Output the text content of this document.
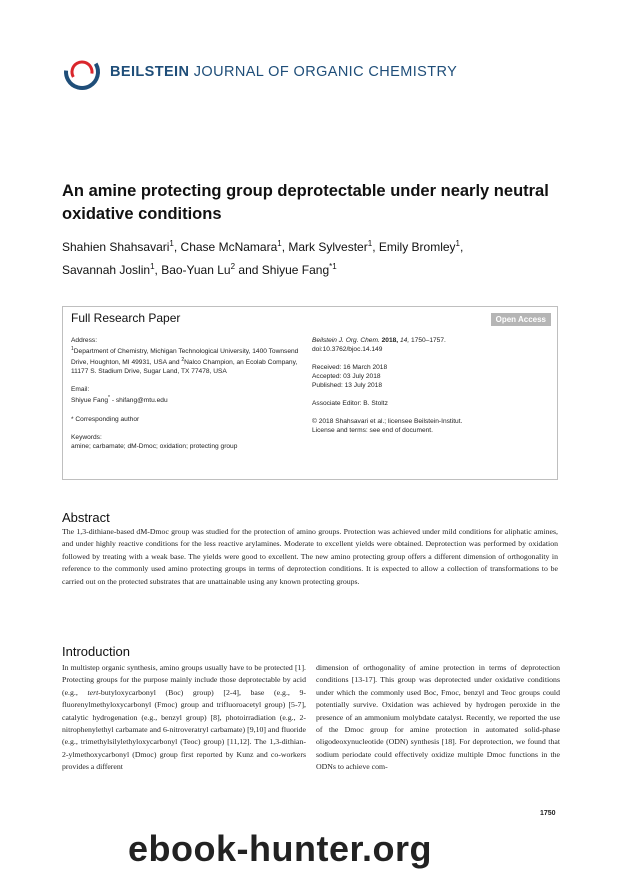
BEILSTEIN JOURNAL OF ORGANIC CHEMISTRY
An amine protecting group deprotectable under nearly neutral oxidative conditions
Shahien Shahsavari$^1$, Chase McNamara$^1$, Mark Sylvester$^1$, Emily Bromley$^1$,
Savannah Joslin$^1$, Bao-Yuan Lu$^2$ and Shiyue Fang$^{*1}$
Full Research Paper	Open Access

Address:

$^1$Department of Chemistry, Michigan Technological University, 1400 Townsend Drive, Houghton, MI 49931, USA and $^2$Nalco Champion, an Ecolab Company, 11177 S. Stadium Drive, Sugar Land, TX 77478, USA

Email:

Shiyue Fang* - shifang@mtu.edu

* Corresponding author

Keywords:

amine; carbamate; dM-Dmoc; oxidation; protecting group

Beilstein J. Org. Chem. 2018, 14, 1750–1757.

doi:10.3762/bjoc.14.149

Received: 16 March 2018

Accepted: 03 July 2018

Published: 13 July 2018

Associate Editor: B. Stoltz

© 2018 Shahsavari et al.; licensee Beilstein-Institut.

License and terms: see end of document.

Abstract

The 1,3-dithiane-based dM-Dmoc group was studied for the protection of amino groups. Protection was achieved under mild conditions for aliphatic amines, and under highly reactive conditions for the less reactive arylamines. Moderate to excellent yields were obtained. Deprotection was performed by oxidation followed by treating with a weak base. The yields were good to excellent. The new amino protecting group offers a different dimension of orthogonality in reference to the commonly used amino protecting groups in terms of deprotection conditions. It is expected to allow a collection of transformations to be carried out on the protected substrates that are unattainable using any known protecting groups.

Introduction

In multistep organic synthesis, amino groups usually have to be protected [1]. Protecting groups for the purpose mainly include those deprotectable by acid (e.g., tert-butyloxycarbonyl (Boc) group) [2-4], base (e.g., 9-fluorenylmethyloxycarbonyl (Fmoc) group and trifluoroacetyl group) [5-7], catalytic hydrogenation (e.g., benzyl group) [8], photoirradiation (e.g., 2-nitrophenylethyl carbamate and 6-nitroveratryl carbamate) [9,10] and fluoride (e.g., trimethylsilylethyloxycarbonyl (Teoc) group) [11,12]. The 1,3-dithian-2-ylmethoxycarbonyl (Dmoc) group first reported by Kunz and co-workers provides a different

dimension of orthogonality of amine protection in terms of deprotection conditions [13-17]. This group was deprotected under oxidative conditions under which the commonly used Boc, Fmoc, benzyl and Teoc groups could potentially survive. Oxidation was achieved by hydrogen peroxide in the presence of an ammonium molybdate catalyst. Recently, we reported the use of the Dmoc group for amine protection in automated solid-phase oligodeoxynucleotide (ODN) synthesis [18]. For deprotection, we found that sodium periodate could effectively oxidize multiple Dmoc functions in the ODNs to achieve com-

1750
ebook-hunter.org
